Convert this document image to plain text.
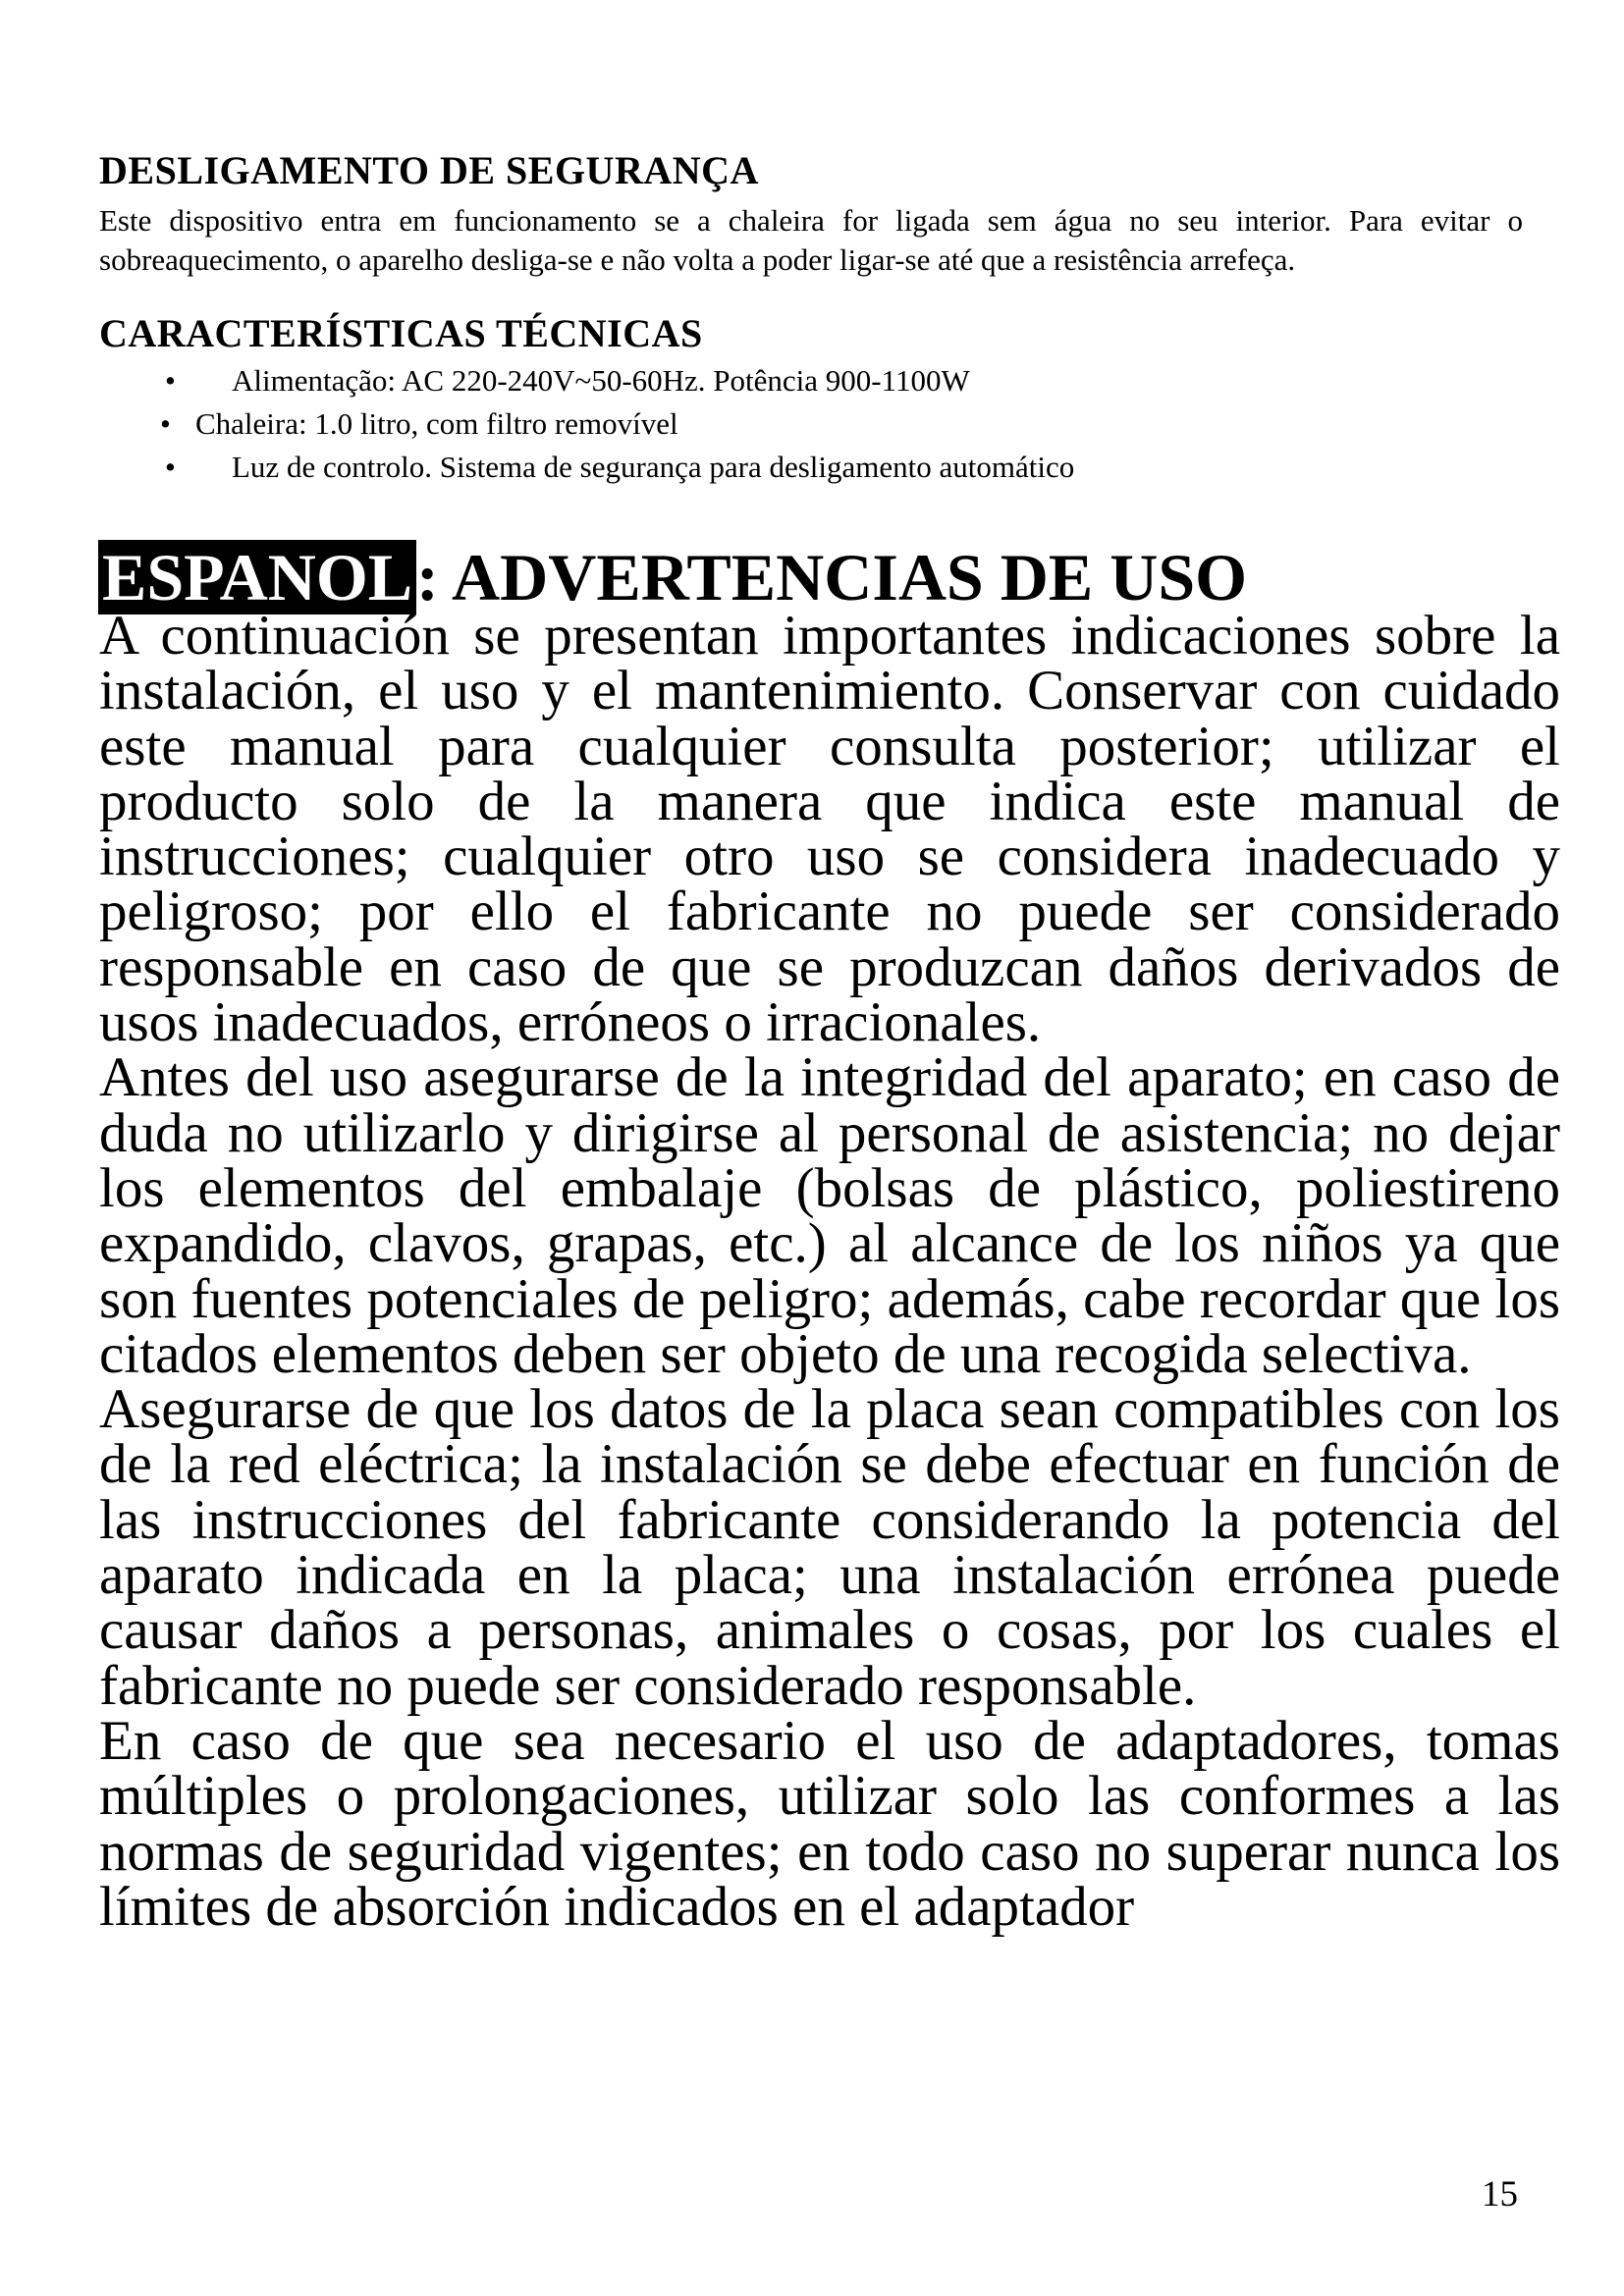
DESLIGAMENTO DE SEGURANÇA

Este dispositivo entra em funcionamento se a chaleira for ligada sem água no seu interior. Para evitar o sobreaquecimento, o aparelho desliga-se e não volta a poder ligar-se até que a resistência arrefeça.

CARACTERÍSTICAS TÉCNICAS
• Alimentação: AC 220-240V~50-60Hz. Potência 900-1100W
• Chaleira: 1.0 litro, com filtro removível
• Luz de controlo. Sistema de segurança para desligamento automático
ESPANOL: ADVERTENCIAS DE USO

A continuación se presentan importantes indicaciones sobre la instalación, el uso y el mantenimiento. Conservar con cuidado este manual para cualquier consulta posterior; utilizar el producto solo de la manera que indica este manual de instrucciones; cualquier otro uso se considera inadecuado y peligroso; por ello el fabricante no puede ser considerado responsable en caso de que se produzcan daños derivados de usos inadecuados, erróneos o irracionales.

Antes del uso asegurarse de la integridad del aparato; en caso de duda no utilizarlo y dirigirse al personal de asistencia; no dejar los elementos del embalaje (bolsas de plástico, poliestireno expandido, clavos, grapas, etc.) al alcance de los niños ya que son fuentes potenciales de peligro; además, cabe recordar que los citados elementos deben ser objeto de una recogida selectiva.

Asegurarse de que los datos de la placa sean compatibles con los de la red eléctrica; la instalación se debe efectuar en función de las instrucciones del fabricante considerando la potencia del aparato indicada en la placa; una instalación errónea puede causar daños a personas, animales o cosas, por los cuales el fabricante no puede ser considerado responsable.

En caso de que sea necesario el uso de adaptadores, tomas múltiples o prolongaciones, utilizar solo las conformes a las normas de seguridad vigentes; en todo caso no superar nunca los límites de absorción indicados en el adaptador

15
